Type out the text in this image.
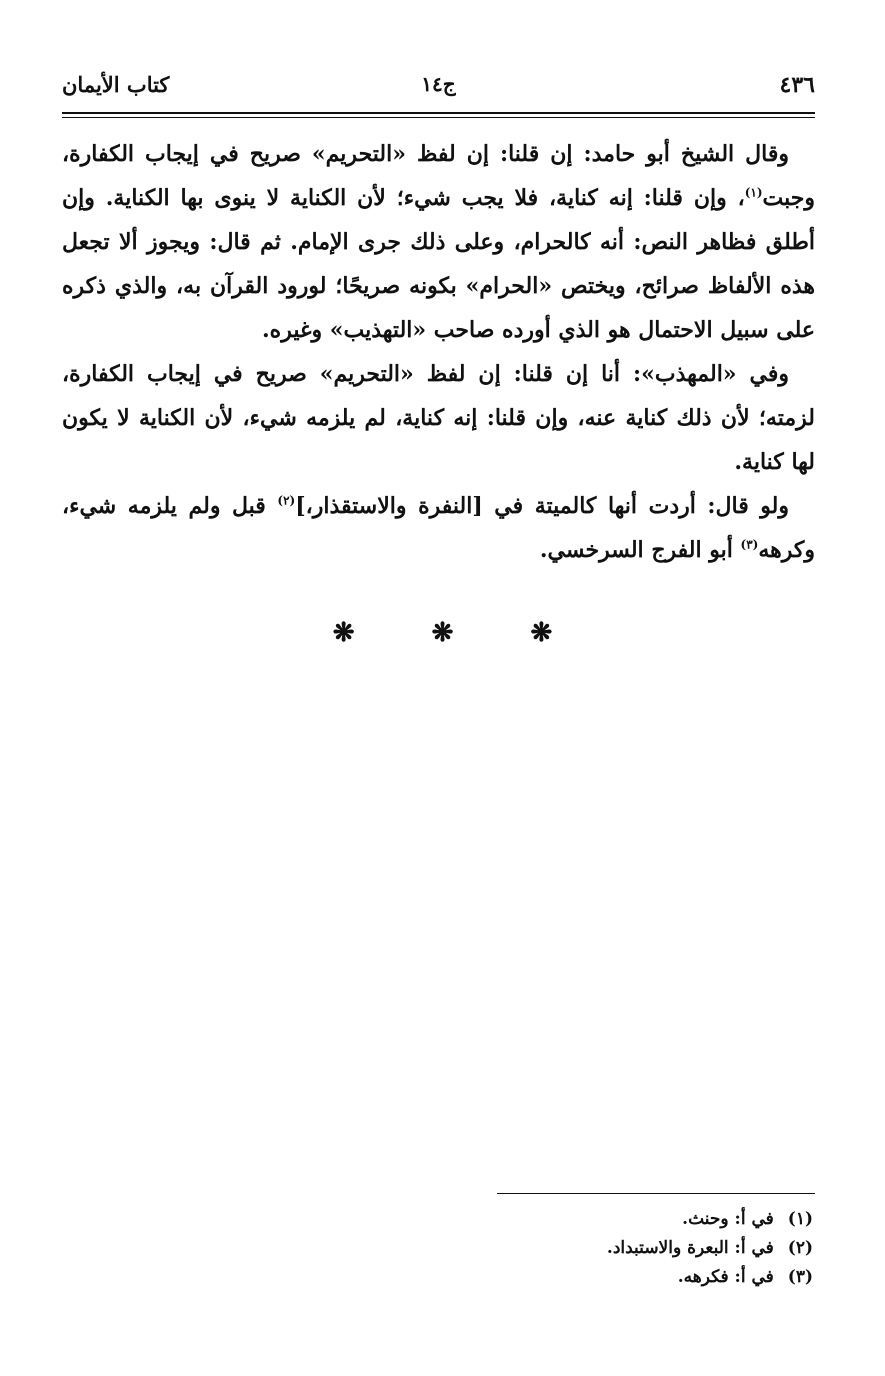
٤٣٦
ج١٤
كتاب الأيمان

وقال الشيخ أبو حامد: إن قلنا: إن لفظ «التحريم» صريح في إيجاب الكفارة، وجبت$^{(١)}$، وإن قلنا: إنه كناية، فلا يجب شيء؛ لأن الكناية لا ينوى بها الكناية. وإن أطلق فظاهر النص: أنه كالحرام، وعلى ذلك جرى الإمام. ثم قال: ويجوز ألا تجعل هذه الألفاظ صرائح، ويختص «الحرام» بكونه صريحًا؛ لورود القرآن به، والذي ذكره على سبيل الاحتمال هو الذي أورده صاحب «التهذيب» وغيره.

وفي «المهذب»: أنا إن قلنا: إن لفظ «التحريم» صريح في إيجاب الكفارة، لزمته؛ لأن ذلك كناية عنه، وإن قلنا: إنه كناية، لم يلزمه شيء، لأن الكناية لا يكون لها كناية.

ولو قال: أردت أنها كالميتة في [النفرة والاستقذار،]$^{(٢)}$ قبل ولم يلزمه شيء، وكرهه$^{(٣)}$ أبو الفرج السرخسي.

❋ ❋ ❋
(١)في أ: وحنث.
(٢)في أ: البعرة والاستبداد.
(٣)في أ: فكرهه.
